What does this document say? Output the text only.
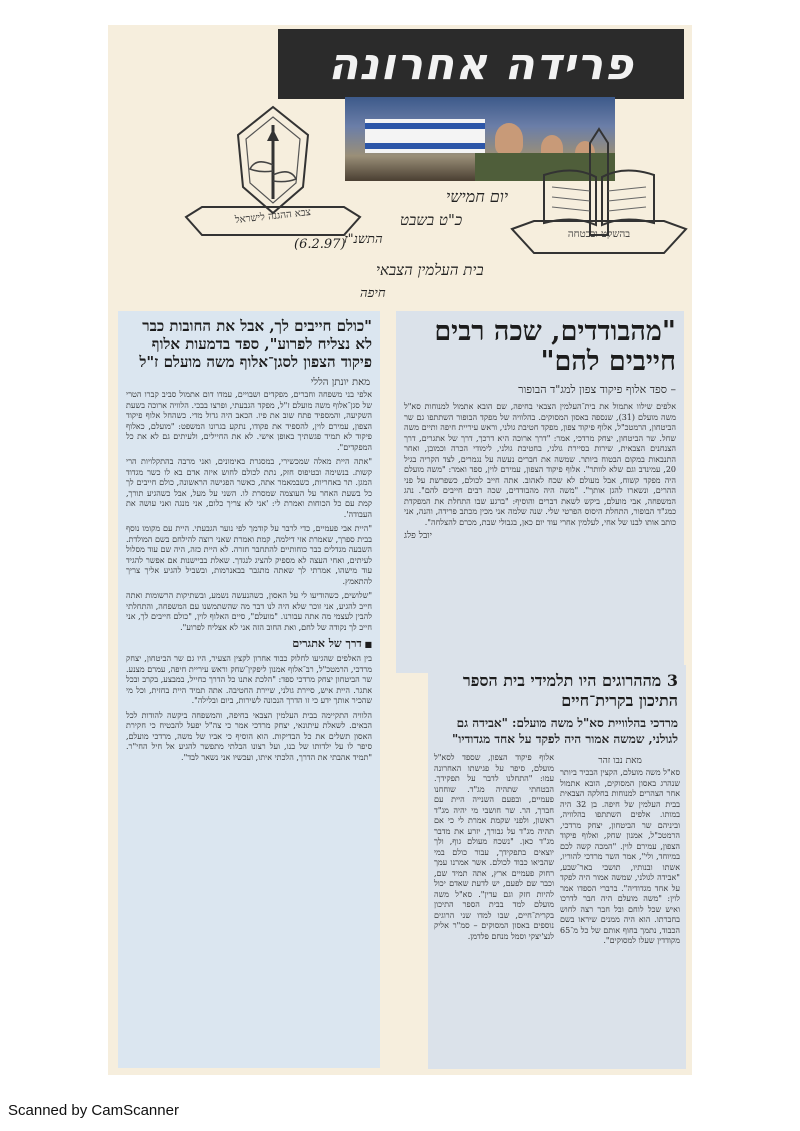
פרידה אחרונה
צבא ההגנה לישראל
בהשקט ובבטחה
יום חמישי
כ"ט בשבט
התשנ"ז
(6.2.97)
בית העלמין הצבאי
חיפה
"כולם חייבים לך, אבל את החובות כבר לא נצליח לפרוע", ספד בדמעות אלוף פיקוד הצפון לסגן־אלוף משה מועלם ז"ל
מאת יונתן הללי

אלפי בני משפחה וחברים, מפקדים ושבויים, עמדו דום אתמול סביב קברו הטרי של סגן־אלוף משה מועלם ז"ל, מפקד הגבעתי, ופרצו בבכי. הלוויה ארוכה בשעת השקיעה, והמספיד פתח שוב את פיו. הכאב היה גדול מדי. כשהחל אלוף פיקוד הצפון, עמירם לוין, להספיד את פקודו, נתקע בגרונו המשפט: "מועלם, כאלוף פיקוד לא תמיד פגשתיך באופן אישי. לא את החיילים, ולעיתים גם לא את כל המפקדים".

"אתה היית מאלה שמכשירי, במסגרת באימונים, ואני מרבה בהתקלויות הרי קשות. בנשימה ובטיפוס חזק, נתת לכולם לחוש איזה אדם בא לו כשר מגדוד המגן. תר באחריות, כשבמאמר אתה, כאשר הפגישה הראשונה, כולם חייבים לך כל בשעת האחר על העוצמה שמסרת לו. השני על מעל, אבל כשהגיע תורך, קמת עם כל הכוחות ואמרת לי: 'אני לא צריך כלום, אני מנגה ואני עושה את העבודה'.

"היית אבי פעמיים, כדי לרבר על קודמך לפי נוער הגבעתי. היית עם מקומו נוסף בבית ספרך, שאמרת אזי דילמה, קמת ואמרת שאני רוצה להילחם בשם המולדת. השבעה מגדלים כבר כוחותיים להתחבר חזרה. לא היית כזה, היה שם עוד מסלול לעיתים, ואחי העצה לא מספיק להציג לנגדך. שאלת בביישנות אם אפשר להגיד עוד מישהו, אמרתי לך שאתה מתגבר בבאנרמות, ובשביל להגיע אליך צריך להתאמץ.

"שלושים, כשהודיעו לי על האסון, כשהנעשה נשמע, ובשתיקות הרשומות ואתה חייב להגיע, אני זוכר שלא היה לנו דבר מה שהשתמשנו עם המשפחה, והתחלתי להבין לעצמי מה אתה עבורנו. "מועלם", סיים האלוף לוין, "כולם חייבים לך, אני חייב לך נקודה של לחם, ואת החוב הזה אני לא אצליח לפרוע".

■ דרך של אתגרים

בין האלפים שהגיעו לחלוק כבוד אחרון לקצין הצעיר, היו גם שר הביטחון, יצחק מרדכי, הרמטכ"ל, רב־אלוף אמנון ליפקין־שחק וראש עיריית חיפה, עמרם מצנע. שר הביטחון יצחק מרדכי ספד: "הלכת אתנו כל הדרך כחייל, במבצע, בקרב ובכל אתגר. היית איש, סיירת גולני, שיירת החטיבה. אתה תמיד היית בחזית, וכל מי שהכיר אותך ידע כי זו הדרך הנכונה לשירות, ביום ובלילה".

הלוויה התקיימה בבית העלמין הצבאי בחיפה, והמשפחה ביקשה להודות לכל הבאים. לשאלת עיתונאי, יצחק מרדכי אמר כי צה"ל יפעל להבטיח כי חקירת האסון תשלים את כל הבדיקות. הוא הוסיף כי אביו של משה, מרדכי מועלם, סיפר לו על ילדותו של בנו, ועל רצונו הבלתי מתפשר להגיע אל חיל החי"ר. "תמיד אהבתי את הדרך, הלכתי איתו, ועכשיו אני נשאר לבד".

"מהבודדים, שכה רבים חייבים להם"
– ספד אלוף פיקוד צפון למג"ד הבופור

אלפים שילוו אתמול את בית־העלמין הצבאי בחיפה, שם הובא אתמול למנוחות סא"ל משה מועלם (31), שנספה באסון המסוקים. בהלוויה של מפקד הבופור השתתפו גם שר הביטחון, הרמטכ"ל, אלוף פיקוד צפון, מפקד חטיבת גולני, וראש עיריית חיפה ותיים משה שחל. שר הביטחון, יצחק מרדכי, אמר: "דרך ארוכה היא דרכך, דרך של אתגרים, דרך הצנחנים הצבאית, שירות בסיירת גולני, בחטיבת גולני, לימודי הכרה וכמובן, ואחר התנבאות במקום הבטוח ביותר. שמשה את חברים נעשה על נגמרים, לצד הקריה בגיל 20, עמינדב וגם שלא לוותר". אלוף פיקוד הצפון, עמירם לוין, ספד ואמר: "משה מועלם היה מפקד קשוח, אבל מעולם לא שכח לאהוב. אתה חייב לכולם, כשפרשת על פני ההרים, ונשארו להגן אותך". "משה היה מהבודדים, שכה רבים חייבים להם". נהג המשפחה, אבי מועלם, ביקש לשאת דברים והוסיף: "ברגע שבו התחלת את המפקדת כמג"ד הבופור, התחלת היסוס הפרטי שלי. שנה שלמה אני מכין מכתב פרידה, והנה, אני כותב אותו לבנו של אחי, לעלמין אחרי עוד יום כאן, בגבולי שבת, מכרם להצלחה".

יובל פלג
3 מההרוגים היו תלמידי בית הספר התיכון בקרית־חיים
מרדכי בהלוויית סא"ל משה מועלם: "אבידה גם לגולני, שמשה אמור היה לפקד על אחד מגדודיו"
מאת נבו זהר

סא"ל משה מועלם, הקצין הבכיר ביותר שנהרג באסון המסוקים, הובא אתמול אחר הצהרים למנוחות בחלקה הצבאית בבית העלמין של חיפה. בן 32 היה במותו. אלפים השתתפו בהלוויה, וביניהם שר הביטחון, יצחק מרדכי, הרמטכ"ל, אמנון שחק, ואלוף פיקוד הצפון, עמירם לוין. "המכה קשה לכם במיוחד, ולי", אמר השר מרדכי להוריו, אשתו ובנותיו, תושבי באר־שבע, "אבידה לגולני, שמשה אמור היה לפקד על אחד מגדודיה". ברברי הספדו אמר לוין: "משה מועלם היה חבר לדרכו ואיש שכל לוחם ובל חבר רצה לחוש בחברתו. הוא היה ממנים שיראו בשם הכבוד, נתמך בחוף אותם של כל מ־65 מקודדין שעלו למסוקים".

אלוף פיקוד הצפון, שספד לסא"ל מועלם, סיפר על פגישתו האחרונה עמו: "התחלנו לדבר על תפקידך. הבטחתי שתהיה מג"ד. שוחחנו פעמיים, ובפעם השנייה היית עם חברך, הר. שר חושבי מי יהיה מג"ד ראשון, ולפני שקמת אמרת לי כי אם תהיה מג"ד על גבורך, יזרע את מדבר מג"ד כאן. "נשכח מעולם גוף, ולך יוצאים בתפקידך, עבור כולם במי שהביאו כבוד לכולם. אשר אמרנו עמך רחוק פעמיים ארץ, אתה תמיד שם, וכבר שם לפעם, יש לדעת שאדם יכול להיות חזק וגם עדין". סא"ל משה מועלם למד בבית הספר התיכון בקרית־חיים, שבו למדו שני הרוגים נוספים באסון המסוקים – סמ"ר אליק לנצ'יצקי וסמל מנחם פלדמן.

Scanned by CamScanner
